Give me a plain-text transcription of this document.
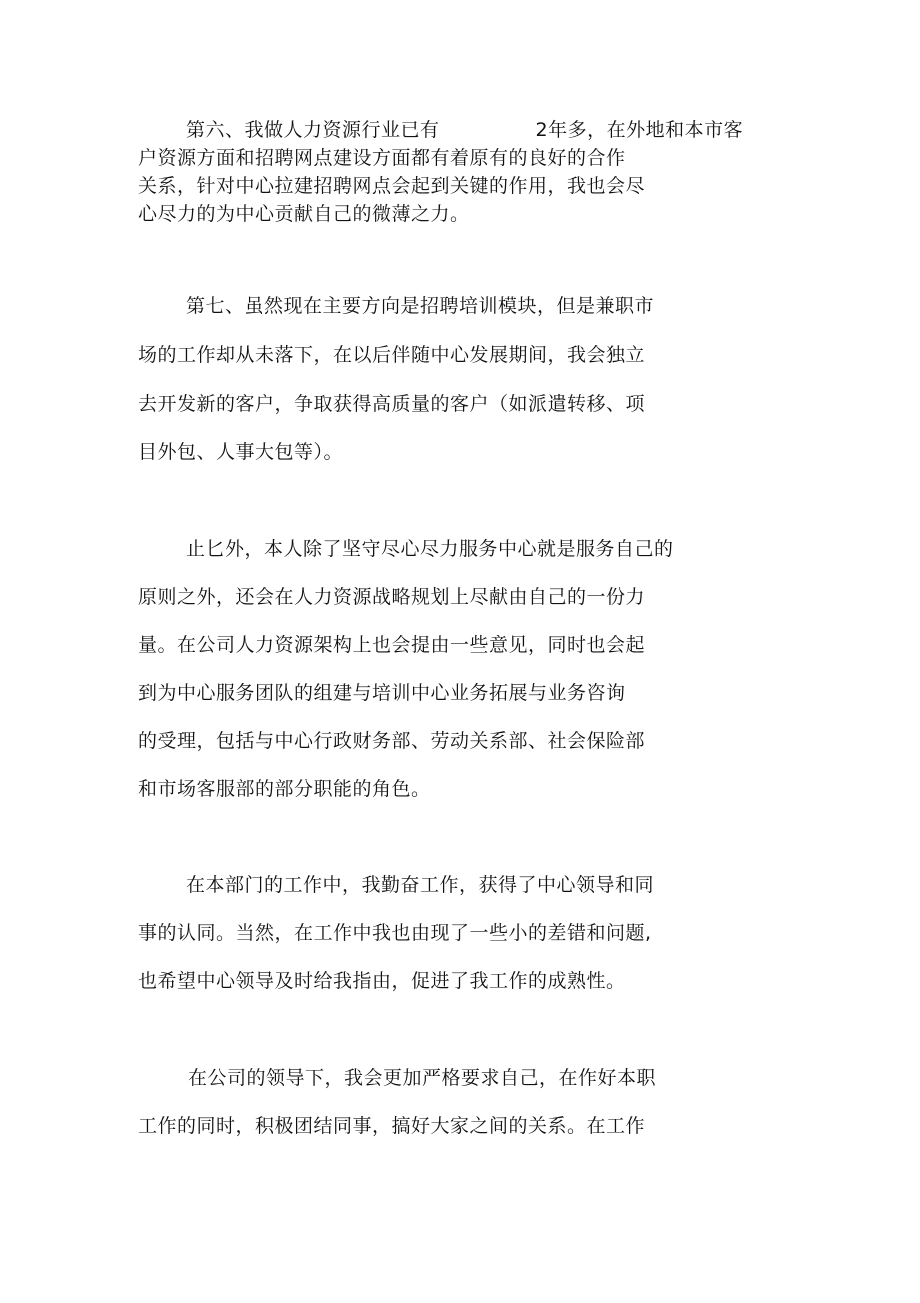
第六、我做人力资源行业已有	2年多，在外地和本市客
户资源方面和招聘网点建设方面都有着原有的良好的合作
关系，针对中心拉建招聘网点会起到关键的作用，我也会尽
心尽力的为中心贡献自己的微薄之力。
第七、虽然现在主要方向是招聘培训模块，但是兼职市
场的工作却从未落下，在以后伴随中心发展期间，我会独立
去开发新的客户，争取获得高质量的客户（如派遣转移、项
目外包、人事大包等）。
止匕外，本人除了坚守尽心尽力服务中心就是服务自己的
原则之外，还会在人力资源战略规划上尽献由自己的一份力
量。在公司人力资源架构上也会提由一些意见，同时也会起
到为中心服务团队的组建与培训中心业务拓展与业务咨询
的受理，包括与中心行政财务部、劳动关系部、社会保险部
和市场客服部的部分职能的角色。
在本部门的工作中，我勤奋工作，获得了中心领导和同
事的认同。当然，在工作中我也由现了一些小的差错和问题,
也希望中心领导及时给我指由，促进了我工作的成熟性。
在公司的领导下，我会更加严格要求自己，在作好本职
工作的同时，积极团结同事，搞好大家之间的关系。在工作
